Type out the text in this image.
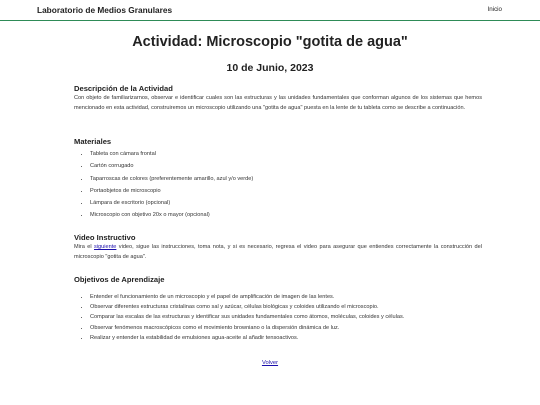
Laboratorio de Medios Granulares	Inicio
Actividad: Microscopio "gotita de agua"
10 de Junio, 2023

Descripción de la Actividad

Con objeto de familiarizarnos, observar e identificar cuales son las estructuras y las unidades fundamentales que conforman algunos de los sistemas que hemos mencionado en esta actividad, construiremos un microscopio utilizando una "gotita de agua" puesta en la lente de tu tableta como se describe a continuación.

Materiales

• Tableta con cámara frontal
• Cartón corrugado
• Taparroscas de colores (preferentemente amarillo, azul y/o verde)
• Portaobjetos de microscopio
• Lámpara de escritorio (opcional)
• Microscopio con objetivo 20x o mayor (opcional)

Video Instructivo

Mira el siguiente video, sigue las instrucciones, toma nota, y si es necesario, regresa el video para asegurar que entiendes correctamente la construcción del microscopio "gotita de agua".

Objetivos de Aprendizaje

• Entender el funcionamiento de un microscopio y el papel de amplificación de imagen de las lentes.
• Observar diferentes estructuras cristalinas como sal y azúcar, células biológicas y coloides utilizando el microscopio.
• Comparar las escalas de las estructuras y identificar sus unidades fundamentales como átomos, moléculas, coloides y células.
• Observar fenómenos macroscópicos como el movimiento browniano o la dispersión dinámica de luz.
• Realizar y entender la estabilidad de emulsiones agua-aceite al añadir tensoactivos.
Volver
